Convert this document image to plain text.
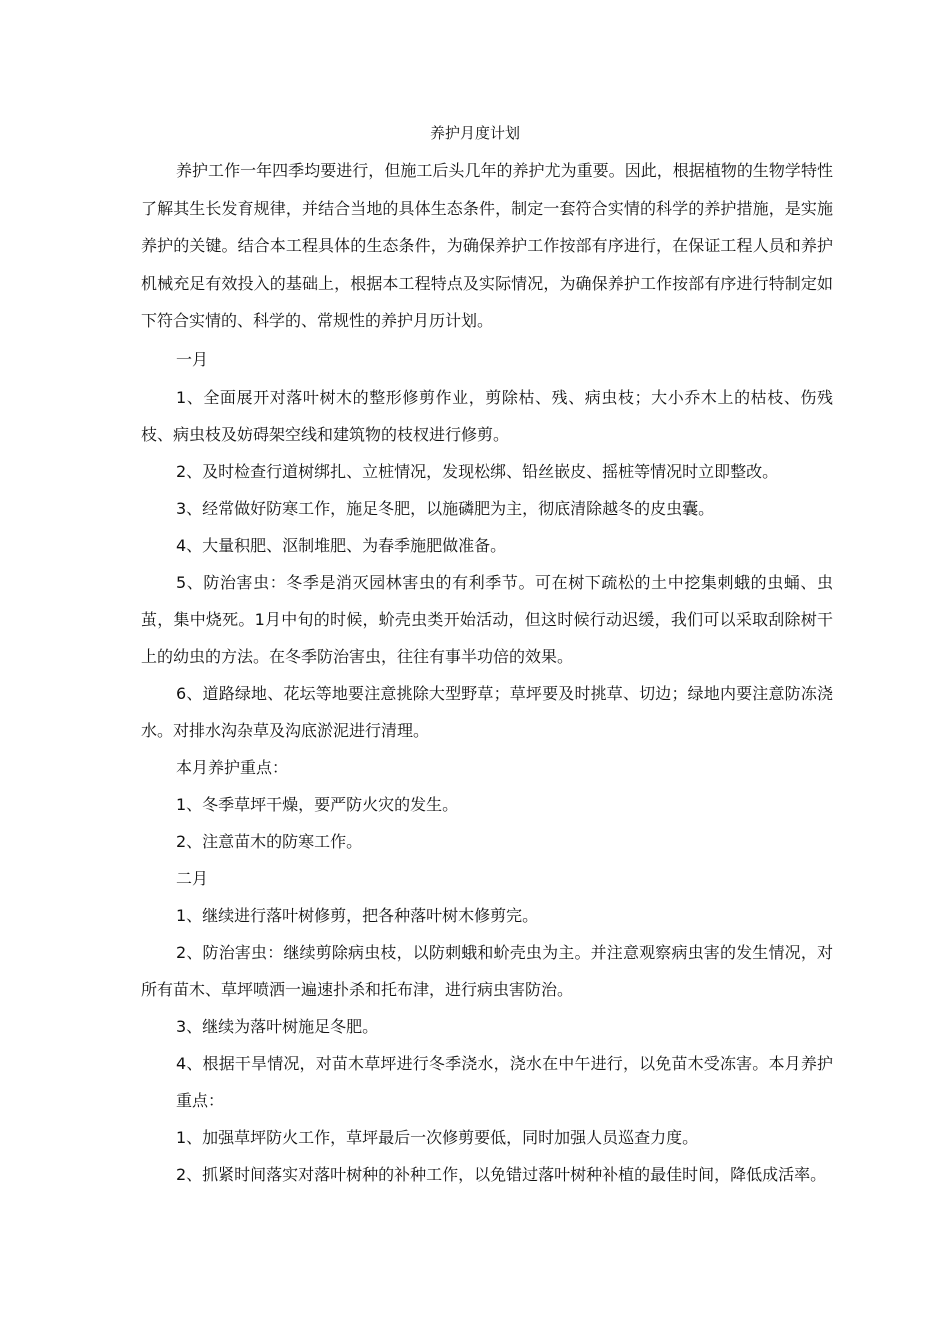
养护月度计划

养护工作一年四季均要进行，但施工后头几年的养护尤为重要。因此，根据植物的生物学特性了解其生长发育规律，并结合当地的具体生态条件，制定一套符合实情的科学的养护措施，是实施养护的关键。结合本工程具体的生态条件，为确保养护工作按部有序进行，在保证工程人员和养护机械充足有效投入的基础上，根据本工程特点及实际情况，为确保养护工作按部有序进行特制定如下符合实情的、科学的、常规性的养护月历计划。

一月

1、全面展开对落叶树木的整形修剪作业，剪除枯、残、病虫枝；大小乔木上的枯枝、伤残枝、病虫枝及妨碍架空线和建筑物的枝杈进行修剪。

2、及时检查行道树绑扎、立桩情况，发现松绑、铅丝嵌皮、摇桩等情况时立即整改。
3、经常做好防寒工作，施足冬肥，以施磷肥为主，彻底清除越冬的皮虫囊。
4、大量积肥、沤制堆肥、为春季施肥做准备。

5、防治害虫：冬季是消灭园林害虫的有利季节。可在树下疏松的土中挖集刺蛾的虫蛹、虫茧，集中烧死。1月中旬的时候，蚧壳虫类开始活动，但这时候行动迟缓，我们可以采取刮除树干上的幼虫的方法。在冬季防治害虫，往往有事半功倍的效果。

6、道路绿地、花坛等地要注意挑除大型野草；草坪要及时挑草、切边；绿地内要注意防冻浇水。对排水沟杂草及沟底淤泥进行清理。

本月养护重点：
1、冬季草坪干燥，要严防火灾的发生。
2、注意苗木的防寒工作。
二月
1、继续进行落叶树修剪，把各种落叶树木修剪完。

2、防治害虫：继续剪除病虫枝，以防刺蛾和蚧壳虫为主。并注意观察病虫害的发生情况，对所有苗木、草坪喷洒一遍速扑杀和托布津，进行病虫害防治。

3、继续为落叶树施足冬肥。

4、根据干旱情况，对苗木草坪进行冬季浇水，浇水在中午进行，以免苗木受冻害。本月养护重点：

1、加强草坪防火工作，草坪最后一次修剪要低，同时加强人员巡查力度。

2、抓紧时间落实对落叶树种的补种工作，以免错过落叶树种补植的最佳时间，降低成活率。
